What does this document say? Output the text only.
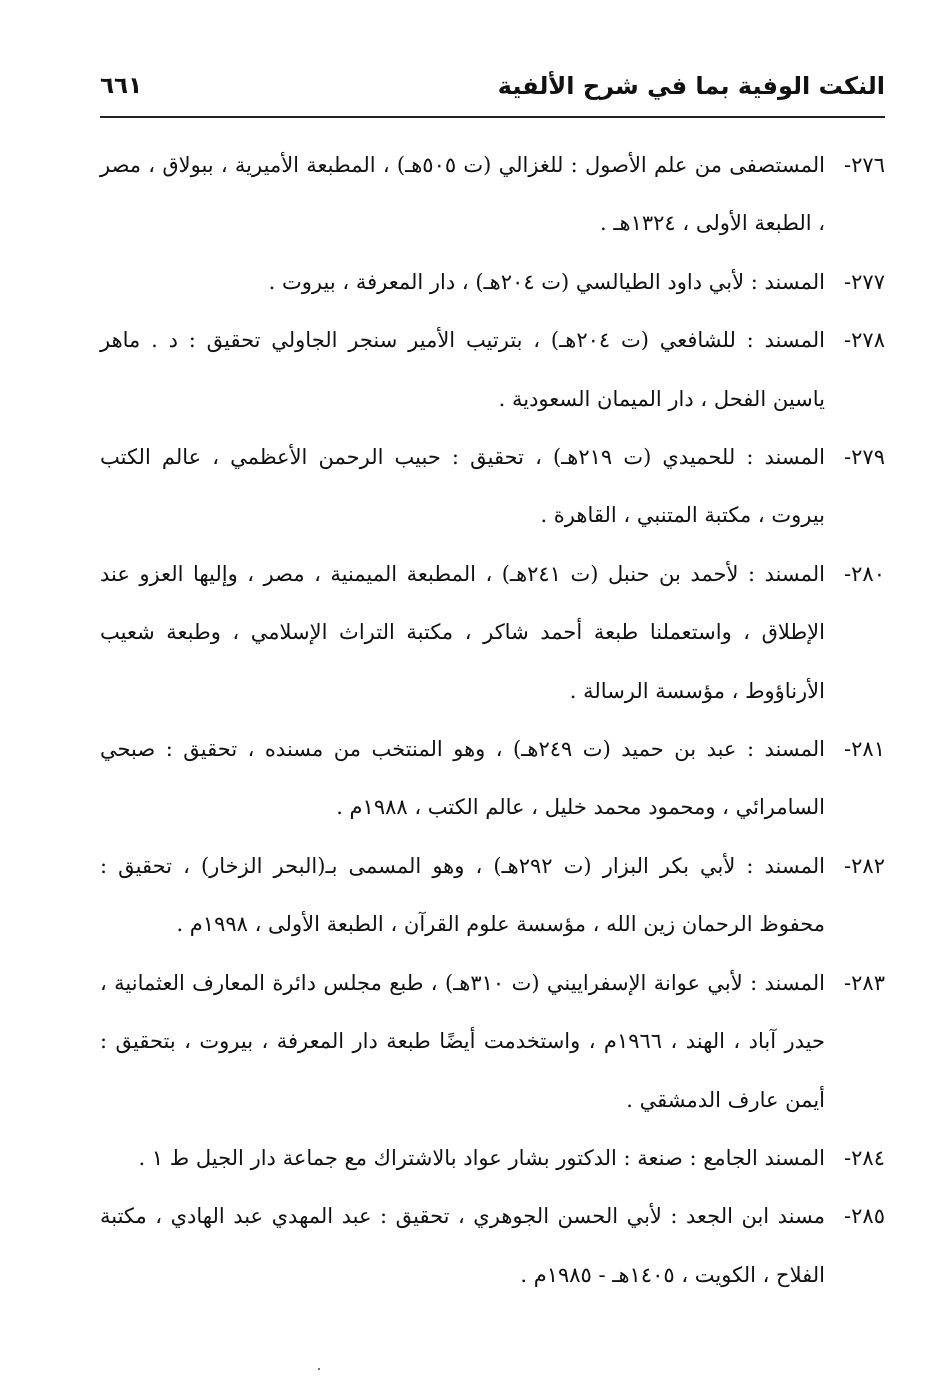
النكت الوفية بما في شرح الألفية
٦٦١
٢٧٦-
المستصفى من علم الأصول : للغزالي (ت ٥٠٥هـ) ، المطبعة الأميرية ، ببولاق ، مصر ، الطبعة الأولى ، ١٣٢٤هـ .
٢٧٧-
المسند : لأبي داود الطيالسي (ت ٢٠٤هـ) ، دار المعرفة ، بيروت .
٢٧٨-
المسند : للشافعي (ت ٢٠٤هـ) ، بترتيب الأمير سنجر الجاولي تحقيق : د . ماهر ياسين الفحل ، دار الميمان السعودية .
٢٧٩-
المسند : للحميدي (ت ٢١٩هـ) ، تحقيق : حبيب الرحمن الأعظمي ، عالم الكتب بيروت ، مكتبة المتنبي ، القاهرة .
٢٨٠-
المسند : لأحمد بن حنبل (ت ٢٤١هـ) ، المطبعة الميمنية ، مصر ، وإليها العزو عند الإطلاق ، واستعملنا طبعة أحمد شاكر ، مكتبة التراث الإسلامي ، وطبعة شعيب الأرناؤوط ، مؤسسة الرسالة .
٢٨١-
المسند : عبد بن حميد (ت ٢٤٩هـ) ، وهو المنتخب من مسنده ، تحقيق : صبحي السامرائي ، ومحمود محمد خليل ، عالم الكتب ، ١٩٨٨م .
٢٨٢-
المسند : لأبي بكر البزار (ت ٢٩٢هـ) ، وهو المسمى بـ(البحر الزخار) ، تحقيق : محفوظ الرحمان زين الله ، مؤسسة علوم القرآن ، الطبعة الأولى ، ١٩٩٨م .
٢٨٣-
المسند : لأبي عوانة الإسفراييني (ت ٣١٠هـ) ، طبع مجلس دائرة المعارف العثمانية ، حيدر آباد ، الهند ، ١٩٦٦م ، واستخدمت أيضًا طبعة دار المعرفة ، بيروت ، بتحقيق : أيمن عارف الدمشقي .
٢٨٤-
المسند الجامع : صنعة : الدكتور بشار عواد بالاشتراك مع جماعة دار الجيل ط ١ .
٢٨٥-
مسند ابن الجعد : لأبي الحسن الجوهري ، تحقيق : عبد المهدي عبد الهادي ، مكتبة الفلاح ، الكويت ، ١٤٠٥هـ - ١٩٨٥م .
